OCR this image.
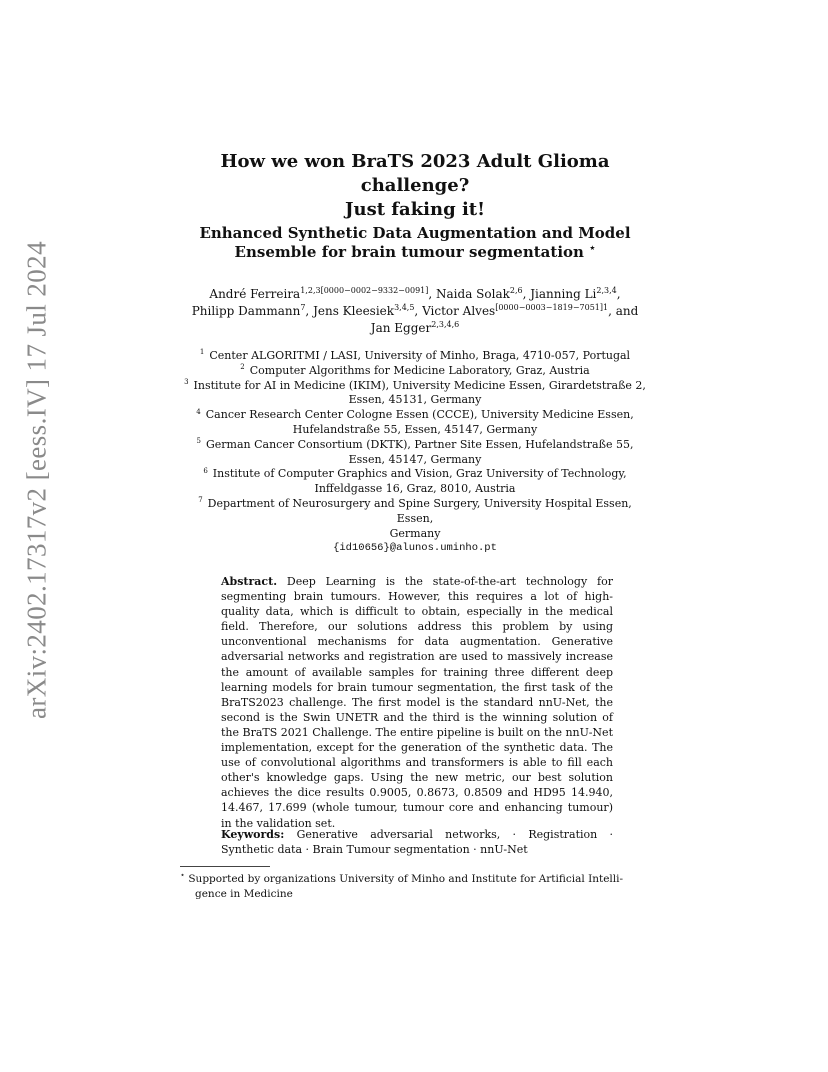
arXiv:2402.17317v2 [eess.IV] 17 Jul 2024

How we won BraTS 2023 Adult Glioma challenge?

Just faking it!

Enhanced Synthetic Data Augmentation and Model
Ensemble for brain tumour segmentation ⋆

André Ferreira$^{1,2,3[0000-0002-9332-0091]}$, Naida Solak$^{2,6}$, Jianning Li$^{2,3,4}$,
Philipp Dammann$^7$, Jens Kleesiek$^{3,4,5}$, Victor Alves$^{[0000-0003-1819-7051]1}$, and
Jan Egger$^{2,3,4,6}$

$^1$ Center ALGORITMI / LASI, University of Minho, Braga, 4710-057, Portugal

$^2$ Computer Algorithms for Medicine Laboratory, Graz, Austria

$^3$ Institute for AI in Medicine (IKIM), University Medicine Essen, Girardetstraße 2,
Essen, 45131, Germany

$^4$ Cancer Research Center Cologne Essen (CCCE), University Medicine Essen,
Hufelandstraße 55, Essen, 45147, Germany

$^5$ German Cancer Consortium (DKTK), Partner Site Essen, Hufelandstraße 55,
Essen, 45147, Germany

$^6$ Institute of Computer Graphics and Vision, Graz University of Technology,
Inffeldgasse 16, Graz, 8010, Austria

$^7$ Department of Neurosurgery and Spine Surgery, University Hospital Essen, Essen,
Germany

{id10656}@alunos.uminho.pt

Abstract. Deep Learning is the state-of-the-art technology for segmenting brain tumours. However, this requires a lot of high-quality data, which is difficult to obtain, especially in the medical field. Therefore, our solutions address this problem by using unconventional mechanisms for data augmentation. Generative adversarial networks and registration are used to massively increase the amount of available samples for training three different deep learning models for brain tumour segmentation, the first task of the BraTS2023 challenge. The first model is the standard nnU-Net, the second is the Swin UNETR and the third is the winning solution of the BraTS 2021 Challenge. The entire pipeline is built on the nnU-Net implementation, except for the generation of the synthetic data. The use of convolutional algorithms and transformers is able to fill each other's knowledge gaps. Using the new metric, our best solution achieves the dice results 0.9005, 0.8673, 0.8509 and HD95 14.940, 14.467, 17.699 (whole tumour, tumour core and enhancing tumour) in the validation set.
Keywords: Generative adversarial networks, · Registration · Synthetic data · Brain Tumour segmentation · nnU-Net
⋆ Supported by organizations University of Minho and Institute for Artificial Intelli-
gence in Medicine
